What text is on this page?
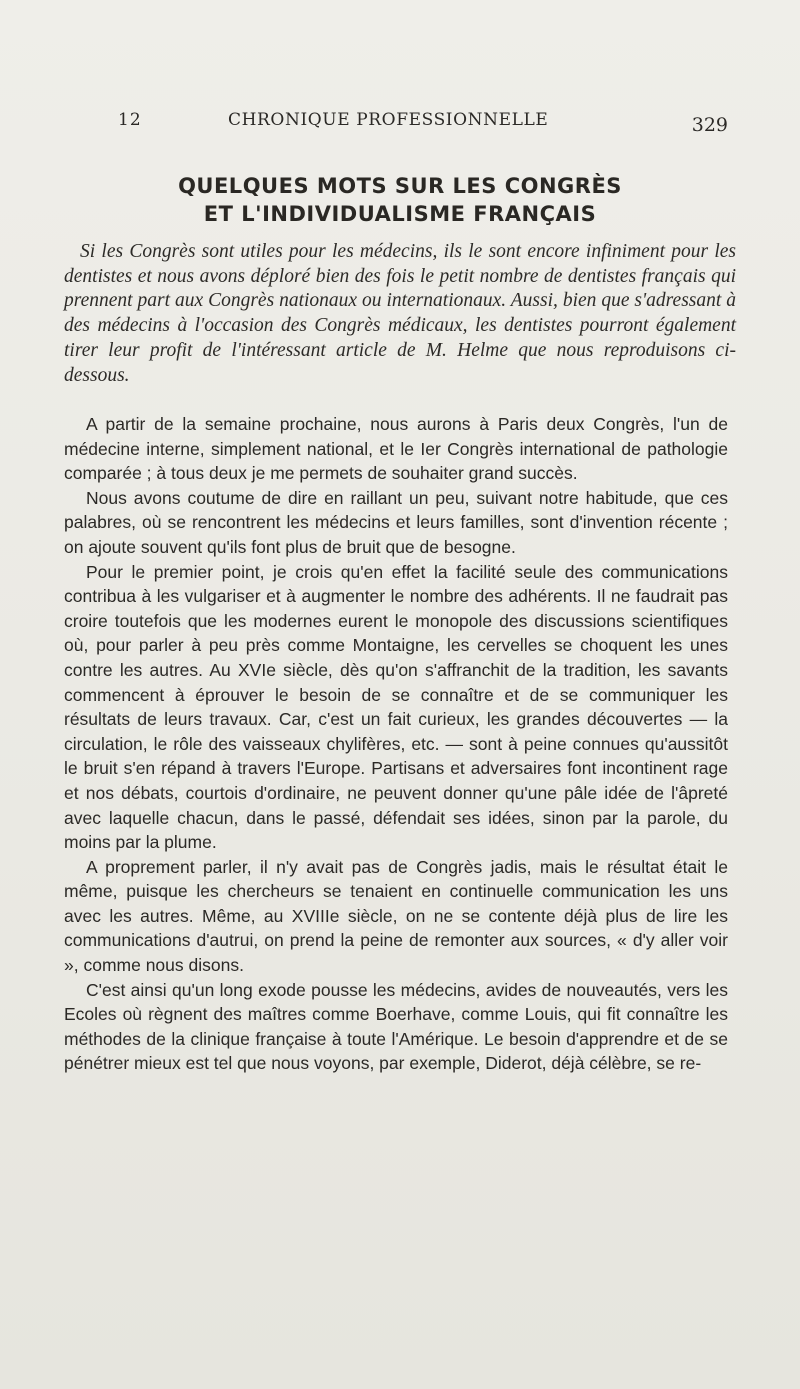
12	CHRONIQUE PROFESSIONNELLE	329
QUELQUES MOTS SUR LES CONGRÈS
ET L'INDIVIDUALISME FRANÇAIS

Si les Congrès sont utiles pour les médecins, ils le sont encore infiniment pour les dentistes et nous avons déploré bien des fois le petit nombre de dentistes français qui prennent part aux Congrès nationaux ou internationaux. Aussi, bien que s'adressant à des médecins à l'occasion des Congrès médicaux, les dentistes pourront également tirer leur profit de l'intéressant article de M. Helme que nous reproduisons ci-dessous.

A partir de la semaine prochaine, nous aurons à Paris deux Congrès, l'un de médecine interne, simplement national, et le Ier Congrès international de pathologie comparée ; à tous deux je me permets de souhaiter grand succès.

Nous avons coutume de dire en raillant un peu, suivant notre habitude, que ces palabres, où se rencontrent les médecins et leurs familles, sont d'invention récente ; on ajoute souvent qu'ils font plus de bruit que de besogne.

Pour le premier point, je crois qu'en effet la facilité seule des communications contribua à les vulgariser et à augmenter le nombre des adhérents. Il ne faudrait pas croire toutefois que les modernes eurent le monopole des discussions scientifiques où, pour parler à peu près comme Montaigne, les cervelles se choquent les unes contre les autres. Au XVIe siècle, dès qu'on s'affranchit de la tradition, les savants commencent à éprouver le besoin de se connaître et de se communiquer les résultats de leurs travaux. Car, c'est un fait curieux, les grandes découvertes — la circulation, le rôle des vaisseaux chylifères, etc. — sont à peine connues qu'aussitôt le bruit s'en répand à travers l'Europe. Partisans et adversaires font incontinent rage et nos débats, courtois d'ordinaire, ne peuvent donner qu'une pâle idée de l'âpreté avec laquelle chacun, dans le passé, défendait ses idées, sinon par la parole, du moins par la plume.

A proprement parler, il n'y avait pas de Congrès jadis, mais le résultat était le même, puisque les chercheurs se tenaient en continuelle communication les uns avec les autres. Même, au XVIIIe siècle, on ne se contente déjà plus de lire les communications d'autrui, on prend la peine de remonter aux sources, « d'y aller voir », comme nous disons.

C'est ainsi qu'un long exode pousse les médecins, avides de nouveautés, vers les Ecoles où règnent des maîtres comme Boerhave, comme Louis, qui fit connaître les méthodes de la clinique française à toute l'Amérique. Le besoin d'apprendre et de se pénétrer mieux est tel que nous voyons, par exemple, Diderot, déjà célèbre, se re-
